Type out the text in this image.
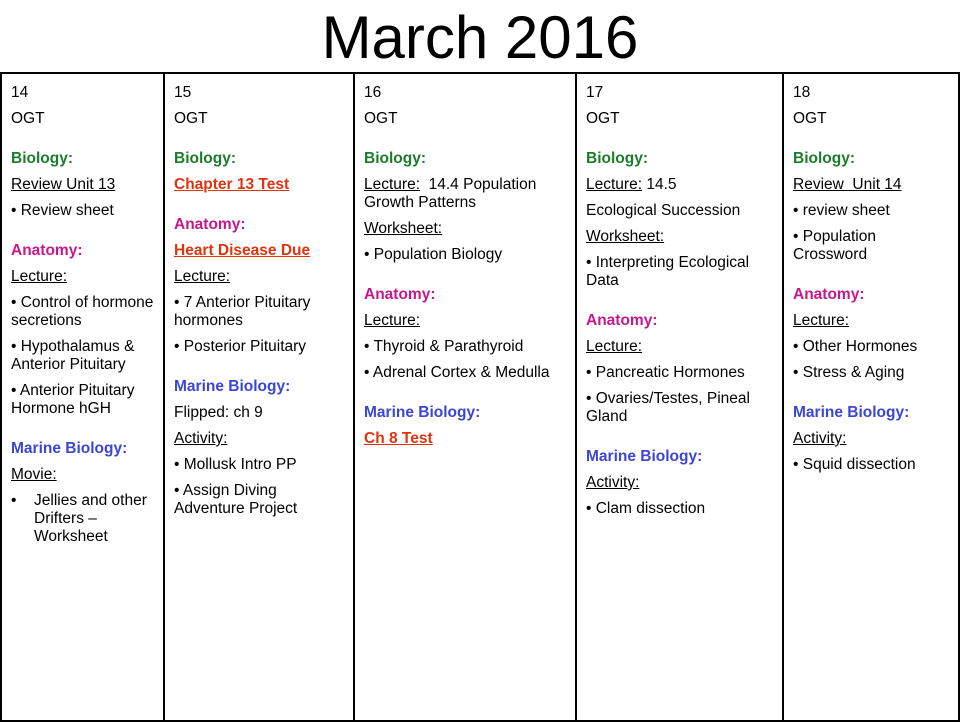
March 2016
14
OGT
Biology:
Review Unit 13
• Review sheet
Anatomy:
Lecture:
• Control of hormone secretions
• Hypothalamus & Anterior Pituitary
• Anterior Pituitary Hormone hGH
Marine Biology:
Movie:
•	Jellies and other Drifters – Worksheet
15
OGT
Biology:
Chapter 13 Test
Anatomy:
Heart Disease Due
Lecture:
• 7 Anterior Pituitary hormones
• Posterior Pituitary
Marine Biology:
Flipped: ch 9
Activity:
• Mollusk Intro PP
• Assign Diving Adventure Project
16
OGT
Biology:
Lecture:  14.4 Population Growth Patterns
Worksheet:
• Population Biology
Anatomy:
Lecture:
• Thyroid & Parathyroid
• Adrenal Cortex & Medulla
Marine Biology:
Ch 8 Test
17
OGT
Biology:
Lecture: 14.5
Ecological Succession
Worksheet:
• Interpreting Ecological Data
Anatomy:
Lecture:
• Pancreatic Hormones
• Ovaries/Testes, Pineal Gland
Marine Biology:
Activity:
• Clam dissection
18
OGT
Biology:
Review  Unit 14
• review sheet
• Population Crossword
Anatomy:
Lecture:
• Other Hormones
• Stress & Aging
Marine Biology:
Activity:
• Squid dissection
